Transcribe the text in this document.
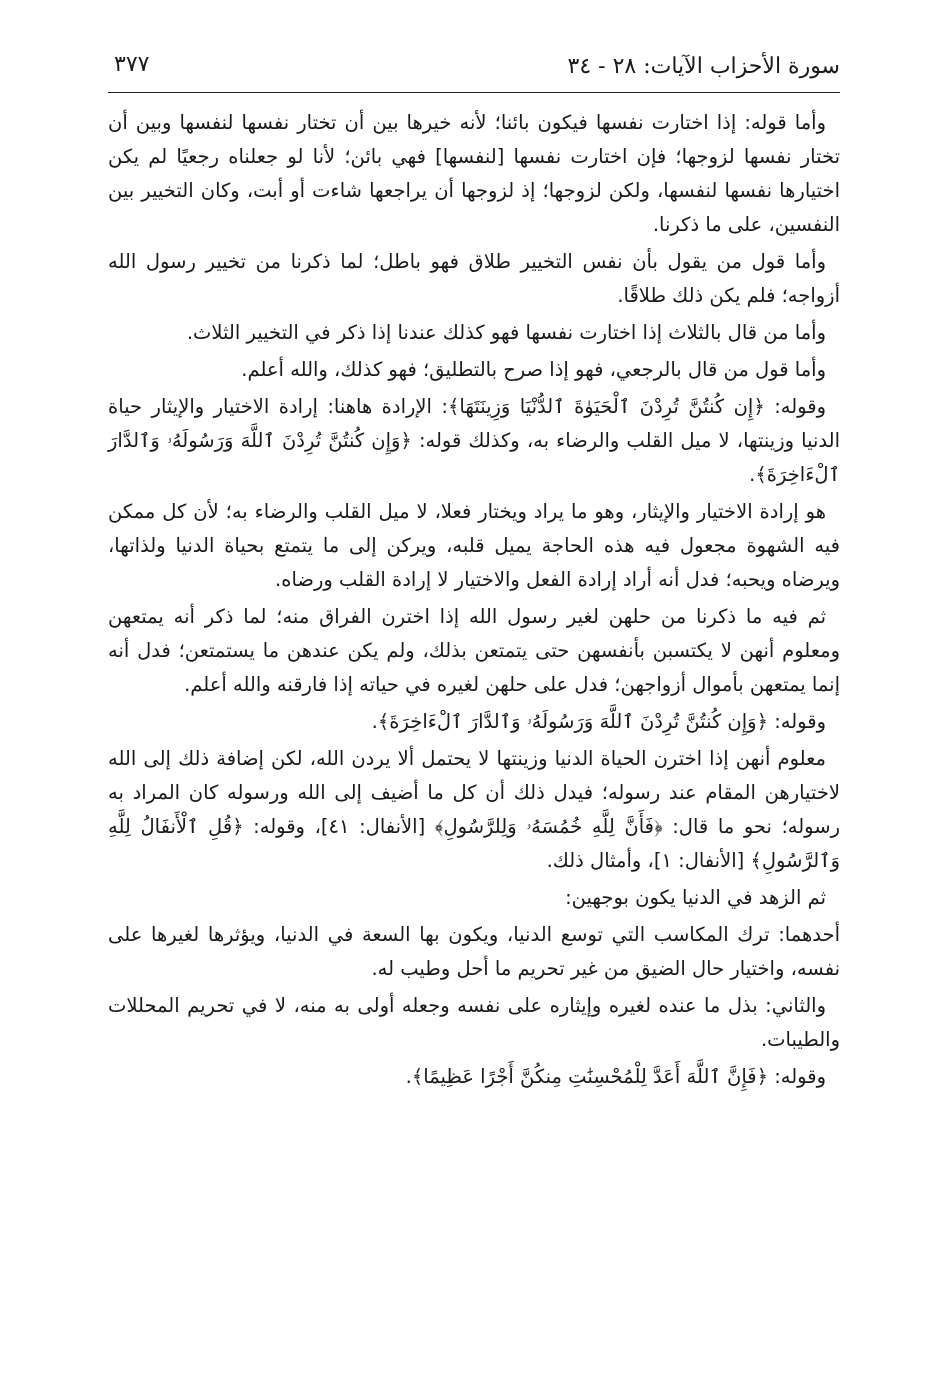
سورة الأحزاب الآيات: ٢٨ - ٣٤
٣٧٧

وأما قوله: إذا اختارت نفسها فيكون بائنا؛ لأنه خيرها بين أن تختار نفسها لنفسها وبين أن تختار نفسها لزوجها؛ فإن اختارت نفسها [لنفسها] فهي بائن؛ لأنا لو جعلناه رجعيًا لم يكن اختيارها نفسها لنفسها، ولكن لزوجها؛ إذ لزوجها أن يراجعها شاءت أو أبت، وكان التخيير بين النفسين، على ما ذكرنا.

وأما قول من يقول بأن نفس التخيير طلاق فهو باطل؛ لما ذكرنا من تخيير رسول الله أزواجه؛ فلم يكن ذلك طلاقًا.

وأما من قال بالثلاث إذا اختارت نفسها فهو كذلك عندنا إذا ذكر في التخيير الثلاث.

وأما قول من قال بالرجعي، فهو إذا صرح بالتطليق؛ فهو كذلك، والله أعلم.

وقوله: ﴿إِن كُنتُنَّ تُرِدْنَ ٱلْحَيَوٰةَ ٱلدُّنْيَا وَزِينَتَهَا﴾: الإرادة هاهنا: إرادة الاختيار والإيثار حياة الدنيا وزينتها، لا ميل القلب والرضاء به، وكذلك قوله: ﴿وَإِن كُنتُنَّ تُرِدْنَ ٱللَّهَ وَرَسُولَهُۥ وَٱلدَّارَ ٱلْءَاخِرَةَ﴾.

هو إرادة الاختيار والإيثار، وهو ما يراد ويختار فعلا، لا ميل القلب والرضاء به؛ لأن كل ممكن فيه الشهوة مجعول فيه هذه الحاجة يميل قلبه، ويركن إلى ما يتمتع بحياة الدنيا ولذاتها، ويرضاه ويحبه؛ فدل أنه أراد إرادة الفعل والاختيار لا إرادة القلب ورضاه.

ثم فيه ما ذكرنا من حلهن لغير رسول الله إذا اخترن الفراق منه؛ لما ذكر أنه يمتعهن ومعلوم أنهن لا يكتسبن بأنفسهن حتى يتمتعن بذلك، ولم يكن عندهن ما يستمتعن؛ فدل أنه إنما يمتعهن بأموال أزواجهن؛ فدل على حلهن لغيره في حياته إذا فارقنه والله أعلم.

وقوله: ﴿وَإِن كُنتُنَّ تُرِدْنَ ٱللَّهَ وَرَسُولَهُۥ وَٱلدَّارَ ٱلْءَاخِرَةَ﴾.

معلوم أنهن إذا اخترن الحياة الدنيا وزينتها لا يحتمل ألا يردن الله، لكن إضافة ذلك إلى الله لاختيارهن المقام عند رسوله؛ فيدل ذلك أن كل ما أضيف إلى الله ورسوله كان المراد به رسوله؛ نحو ما قال: ﴿فَأَنَّ لِلَّهِ خُمُسَهُۥ وَلِلرَّسُولِ﴾ [الأنفال: ٤١]، وقوله: ﴿قُلِ ٱلْأَنفَالُ لِلَّهِ وَٱلرَّسُولِ﴾ [الأنفال: ١]، وأمثال ذلك.

ثم الزهد في الدنيا يكون بوجهين:

أحدهما: ترك المكاسب التي توسع الدنيا، ويكون بها السعة في الدنيا، ويؤثرها لغيرها على نفسه، واختيار حال الضيق من غير تحريم ما أحل وطيب له.

والثاني: بذل ما عنده لغيره وإيثاره على نفسه وجعله أولى به منه، لا في تحريم المحللات والطيبات.

وقوله: ﴿فَإِنَّ ٱللَّهَ أَعَدَّ لِلْمُحْسِنَٰتِ مِنكُنَّ أَجْرًا عَظِيمًا﴾.
